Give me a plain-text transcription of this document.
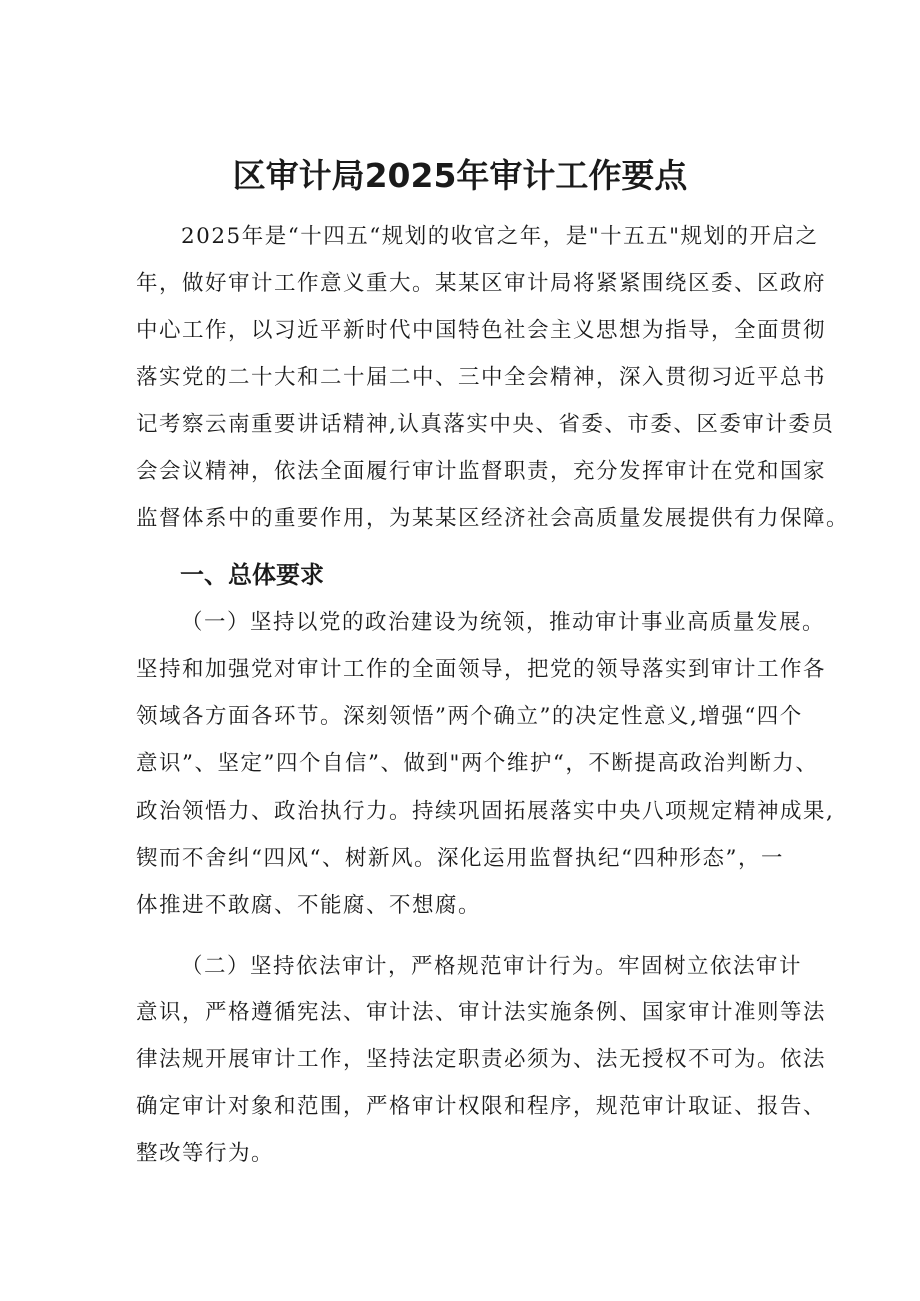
区审计局2025年审计工作要点
2025年是“十四五“规划的收官之年，是"十五五"规划的开启之
年，做好审计工作意义重大。某某区审计局将紧紧围绕区委、区政府
中心工作，以习近平新时代中国特色社会主义思想为指导，全面贯彻
落实党的二十大和二十届二中、三中全会精神，深入贯彻习近平总书
记考察云南重要讲话精神,认真落实中央、省委、市委、区委审计委员
会会议精神，依法全面履行审计监督职责，充分发挥审计在党和国家
监督体系中的重要作用，为某某区经济社会高质量发展提供有力保障。
一、总体要求
（一）坚持以党的政治建设为统领，推动审计事业高质量发展。
坚持和加强党对审计工作的全面领导，把党的领导落实到审计工作各
领域各方面各环节。深刻领悟”两个确立”的决定性意义,增强“四个
意识”、坚定”四个自信”、做到"两个维护“，不断提高政治判断力、
政治领悟力、政治执行力。持续巩固拓展落实中央八项规定精神成果,
锲而不舍纠“四风“、树新风。深化运用监督执纪“四种形态”，一
体推进不敢腐、不能腐、不想腐。
（二）坚持依法审计，严格规范审计行为。牢固树立依法审计
意识，严格遵循宪法、审计法、审计法实施条例、国家审计准则等法
律法规开展审计工作，坚持法定职责必须为、法无授权不可为。依法
确定审计对象和范围，严格审计权限和程序，规范审计取证、报告、
整改等行为。
